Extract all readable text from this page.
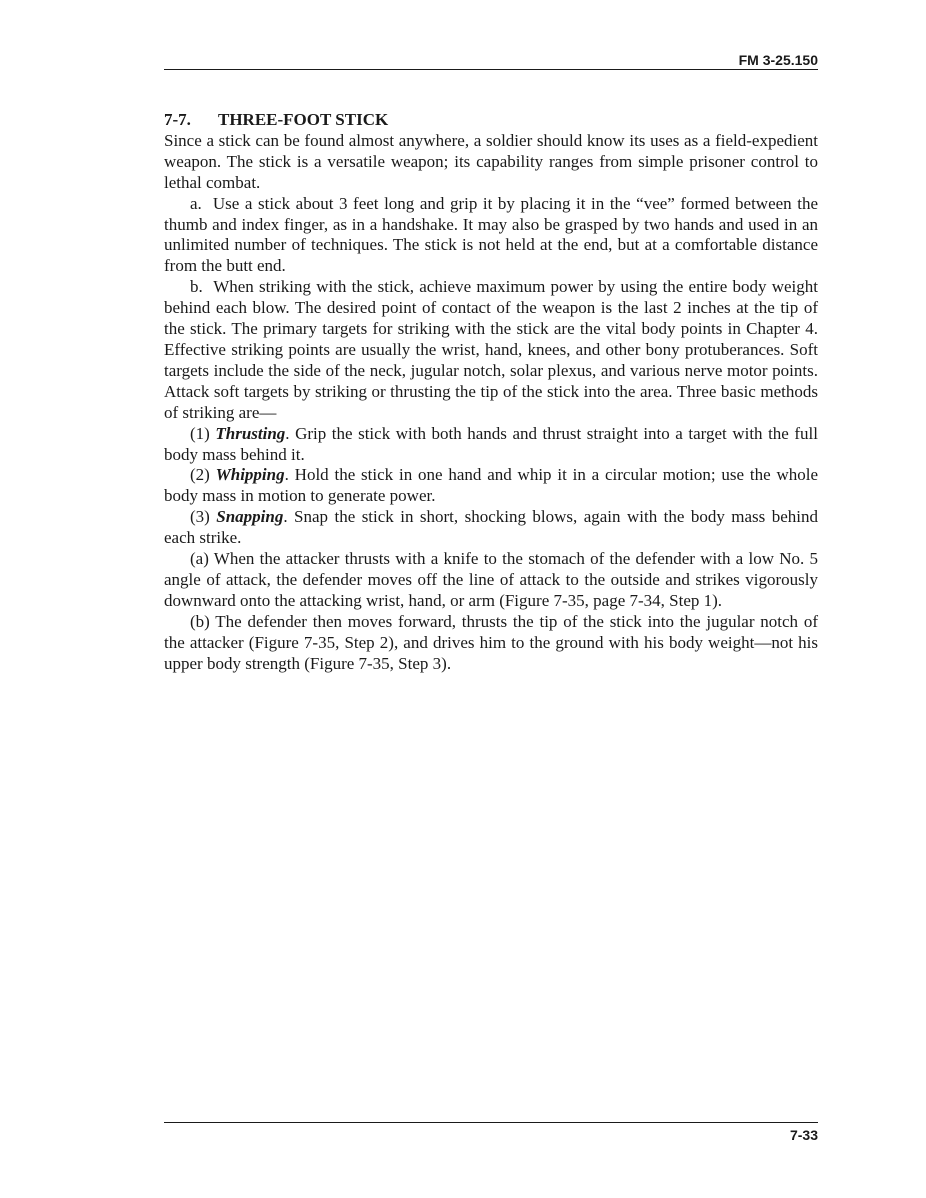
FM 3-25.150
7-7. THREE-FOOT STICK

Since a stick can be found almost anywhere, a soldier should know its uses as a field-expedient weapon. The stick is a versatile weapon; its capability ranges from simple prisoner control to lethal combat.

a.  Use a stick about 3 feet long and grip it by placing it in the “vee” formed between the thumb and index finger, as in a handshake. It may also be grasped by two hands and used in an unlimited number of techniques. The stick is not held at the end, but at a comfortable distance from the butt end.

b.  When striking with the stick, achieve maximum power by using the entire body weight behind each blow. The desired point of contact of the weapon is the last 2 inches at the tip of the stick. The primary targets for striking with the stick are the vital body points in Chapter 4. Effective striking points are usually the wrist, hand, knees, and other bony protuberances. Soft targets include the side of the neck, jugular notch, solar plexus, and various nerve motor points. Attack soft targets by striking or thrusting the tip of the stick into the area. Three basic methods of striking are—

(1) Thrusting. Grip the stick with both hands and thrust straight into a target with the full body mass behind it.

(2) Whipping. Hold the stick in one hand and whip it in a circular motion; use the whole body mass in motion to generate power.

(3) Snapping. Snap the stick in short, shocking blows, again with the body mass behind each strike.

(a) When the attacker thrusts with a knife to the stomach of the defender with a low No. 5 angle of attack, the defender moves off the line of attack to the outside and strikes vigorously downward onto the attacking wrist, hand, or arm (Figure 7-35, page 7-34, Step 1).

(b) The defender then moves forward, thrusts the tip of the stick into the jugular notch of the attacker (Figure 7-35, Step 2), and drives him to the ground with his body weight—not his upper body strength (Figure 7-35, Step 3).

7-33
